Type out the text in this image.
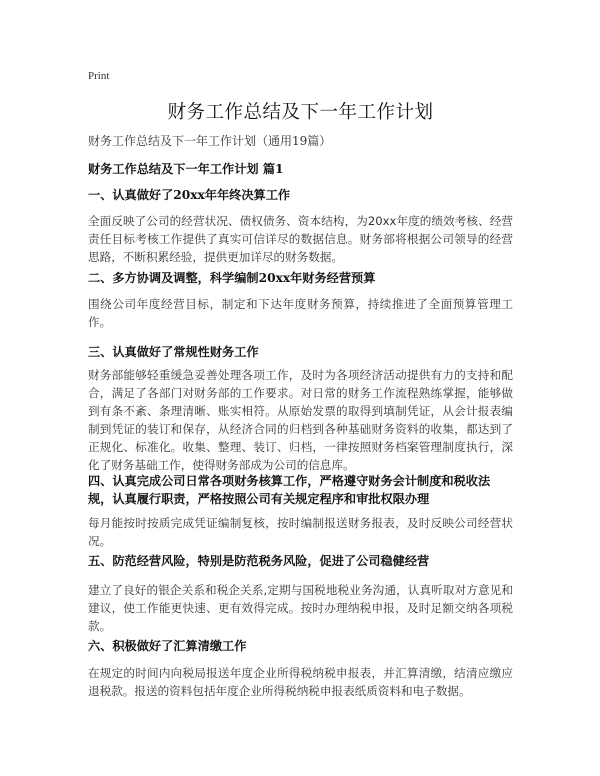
Print
财务工作总结及下一年工作计划
财务工作总结及下一年工作计划（通用19篇）
财务工作总结及下一年工作计划 篇1
一、认真做好了20xx年年终决算工作
全面反映了公司的经营状况、债权债务、资本结构，为20xx年度的绩效考核、经营责任目标考核工作提供了真实可信详尽的数据信息。财务部将根据公司领导的经营思路，不断积累经验，提供更加详尽的财务数据。
二、多方协调及调整，科学编制20xx年财务经营预算
围绕公司年度经营目标，制定和下达年度财务预算，持续推进了全面预算管理工作。
三、认真做好了常规性财务工作
财务部能够轻重缓急妥善处理各项工作，及时为各项经济活动提供有力的支持和配合，满足了各部门对财务部的工作要求。对日常的财务工作流程熟练掌握，能够做到有条不紊、条理清晰、账实相符。从原始发票的取得到填制凭证，从会计报表编制到凭证的装订和保存，从经济合同的归档到各种基础财务资料的收集，都达到了正规化、标准化。收集、整理、装订、归档，一律按照财务档案管理制度执行，深化了财务基础工作，使得财务部成为公司的信息库。
四、认真完成公司日常各项财务核算工作，严格遵守财务会计制度和税收法规，认真履行职责，严格按照公司有关规定程序和审批权限办理
每月能按时按质完成凭证编制复核，按时编制报送财务报表，及时反映公司经营状况。
五、防范经营风险，特别是防范税务风险，促进了公司稳健经营
建立了良好的银企关系和税企关系,定期与国税地税业务沟通，认真听取对方意见和建议，使工作能更快速、更有效得完成。按时办理纳税申报，及时足额交纳各项税款。
六、积极做好了汇算清缴工作
在规定的时间内向税局报送年度企业所得税纳税申报表，并汇算清缴，结清应缴应退税款。报送的资料包括年度企业所得税纳税申报表纸质资料和电子数据。
